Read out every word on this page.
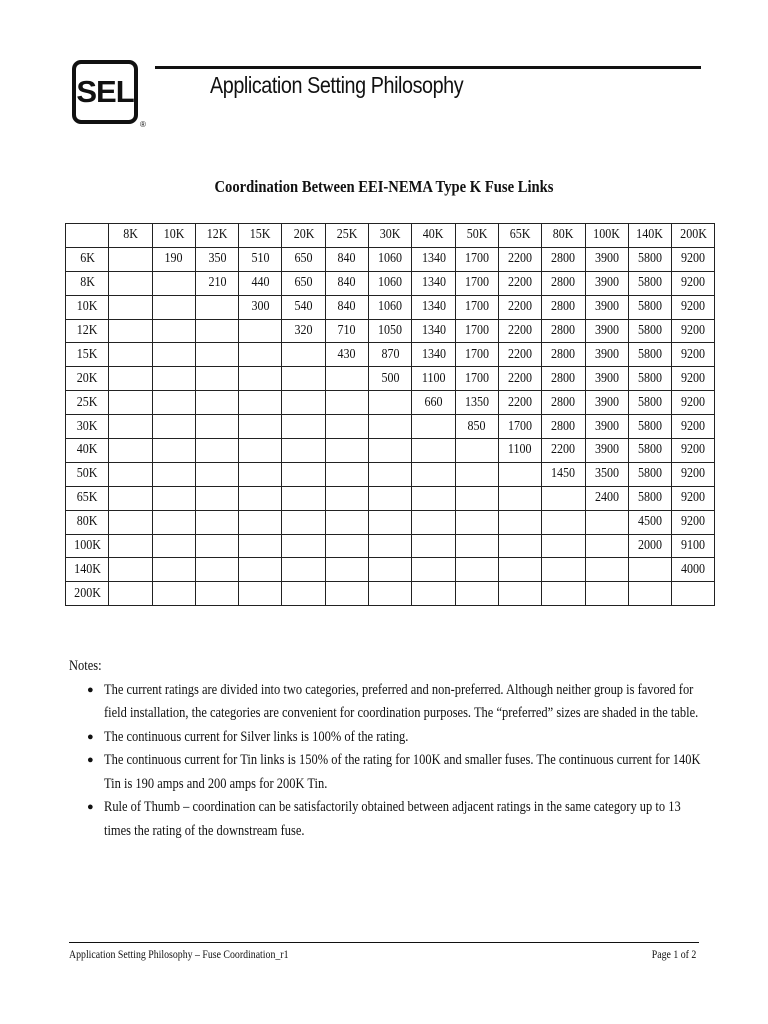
SEL
®
Application Setting Philosophy
Coordination Between EEI-NEMA Type K Fuse Links
	8K	10K	12K	15K	20K	25K	30K	40K	50K	65K	80K	100K	140K	200K
6K		190	350	510	650	840	1060	1340	1700	2200	2800	3900	5800	9200
8K			210	440	650	840	1060	1340	1700	2200	2800	3900	5800	9200
10K				300	540	840	1060	1340	1700	2200	2800	3900	5800	9200
12K					320	710	1050	1340	1700	2200	2800	3900	5800	9200
15K						430	870	1340	1700	2200	2800	3900	5800	9200
20K							500	1100	1700	2200	2800	3900	5800	9200
25K								660	1350	2200	2800	3900	5800	9200
30K									850	1700	2800	3900	5800	9200
40K										1100	2200	3900	5800	9200
50K											1450	3500	5800	9200
65K												2400	5800	9200
80K													4500	9200
100K													2000	9100
140K														4000
200K														
Notes:
● The current ratings are divided into two categories, preferred and non-preferred. Although neither group is favored for field installation, the categories are convenient for coordination purposes. The “preferred” sizes are shaded in the table.
● The continuous current for Silver links is 100% of the rating.
● The continuous current for Tin links is 150% of the rating for 100K and smaller fuses. The continuous current for 140K Tin is 190 amps and 200 amps for 200K Tin.
● Rule of Thumb – coordination can be satisfactorily obtained between adjacent ratings in the same category up to 13 times the rating of the downstream fuse.
Application Setting Philosophy – Fuse Coordination_r1	Page 1 of 2
